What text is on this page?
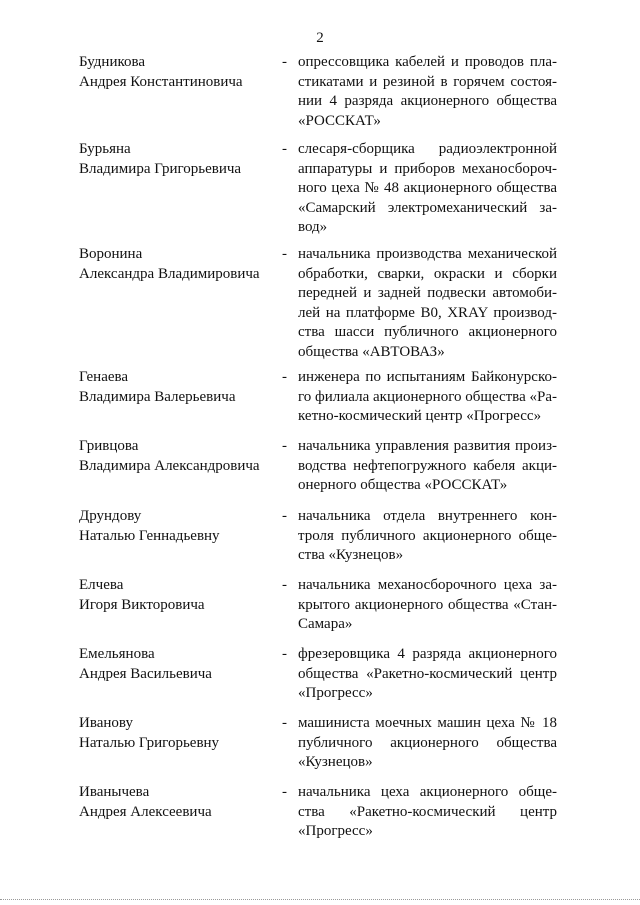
2
Будникова
Андрея Константиновича
- опрессовщика кабелей и проводов пла-
стикатами и резиной в горячем состоя-
нии 4 разряда акционерного общества
«РОССКАТ»
Бурьяна
Владимира Григорьевича
- слесаря-сборщика радиоэлектронной
аппаратуры и приборов механосбороч-
ного цеха № 48 акционерного общества
«Самарский электромеханический за-
вод»
Воронина
Александра Владимировича
- начальника производства механической
обработки, сварки, окраски и сборки
передней и задней подвески автомоби-
лей на платформе В0, XRAY производ-
ства шасси публичного акционерного
общества «АВТОВАЗ»
Генаева
Владимира Валерьевича
- инженера по испытаниям Байконурско-
го филиала акционерного общества «Ра-
кетно-космический центр «Прогресс»
Гривцова
Владимира Александровича
- начальника управления развития произ-
водства нефтепогружного кабеля акци-
онерного общества «РОССКАТ»
Друндову
Наталью Геннадьевну
- начальника отдела внутреннего кон-
троля публичного акционерного обще-
ства «Кузнецов»
Елчева
Игоря Викторовича
- начальника механосборочного цеха за-
крытого акционерного общества «Стан-
Самара»
Емельянова
Андрея Васильевича
- фрезеровщика 4 разряда акционерного
общества «Ракетно-космический центр
«Прогресс»
Иванову
Наталью Григорьевну
- машиниста моечных машин цеха № 18
публичного акционерного общества
«Кузнецов»
Иванычева
Андрея Алексеевича
- начальника цеха акционерного обще-
ства «Ракетно-космический центр
«Прогресс»
